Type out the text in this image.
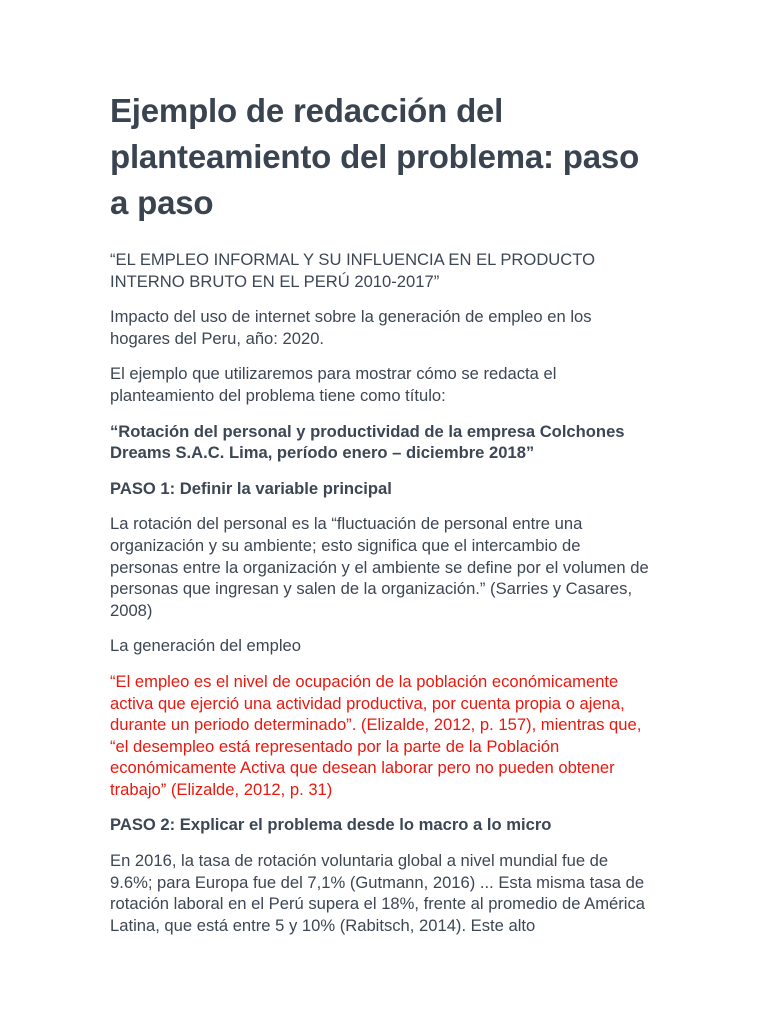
Ejemplo de redacción del planteamiento del problema: paso a paso

“EL EMPLEO INFORMAL Y SU INFLUENCIA EN EL PRODUCTO INTERNO BRUTO EN EL PERÚ 2010-2017”

Impacto del uso de internet sobre la generación de empleo en los hogares del Peru, año: 2020.

El ejemplo que utilizaremos para mostrar cómo se redacta el planteamiento del problema tiene como título:

“Rotación del personal y productividad de la empresa Colchones Dreams S.A.C. Lima, período enero – diciembre 2018”

PASO 1: Definir la variable principal

La rotación del personal es la “fluctuación de personal entre una organización y su ambiente; esto significa que el intercambio de personas entre la organización y el ambiente se define por el volumen de personas que ingresan y salen de la organización.” (Sarries y Casares, 2008)

La generación del empleo

“El empleo es el nivel de ocupación de la población económicamente activa que ejerció una actividad productiva, por cuenta propia o ajena, durante un periodo determinado”. (Elizalde, 2012, p. 157), mientras que, “el desempleo está representado por la parte de la Población económicamente Activa que desean laborar pero no pueden obtener trabajo” (Elizalde, 2012, p. 31)

PASO 2: Explicar el problema desde lo macro a lo micro

En 2016, la tasa de rotación voluntaria global a nivel mundial fue de 9.6%; para Europa fue del 7,1% (Gutmann, 2016) ... Esta misma tasa de rotación laboral en el Perú supera el 18%, frente al promedio de América Latina, que está entre 5 y 10% (Rabitsch, 2014). Este alto
